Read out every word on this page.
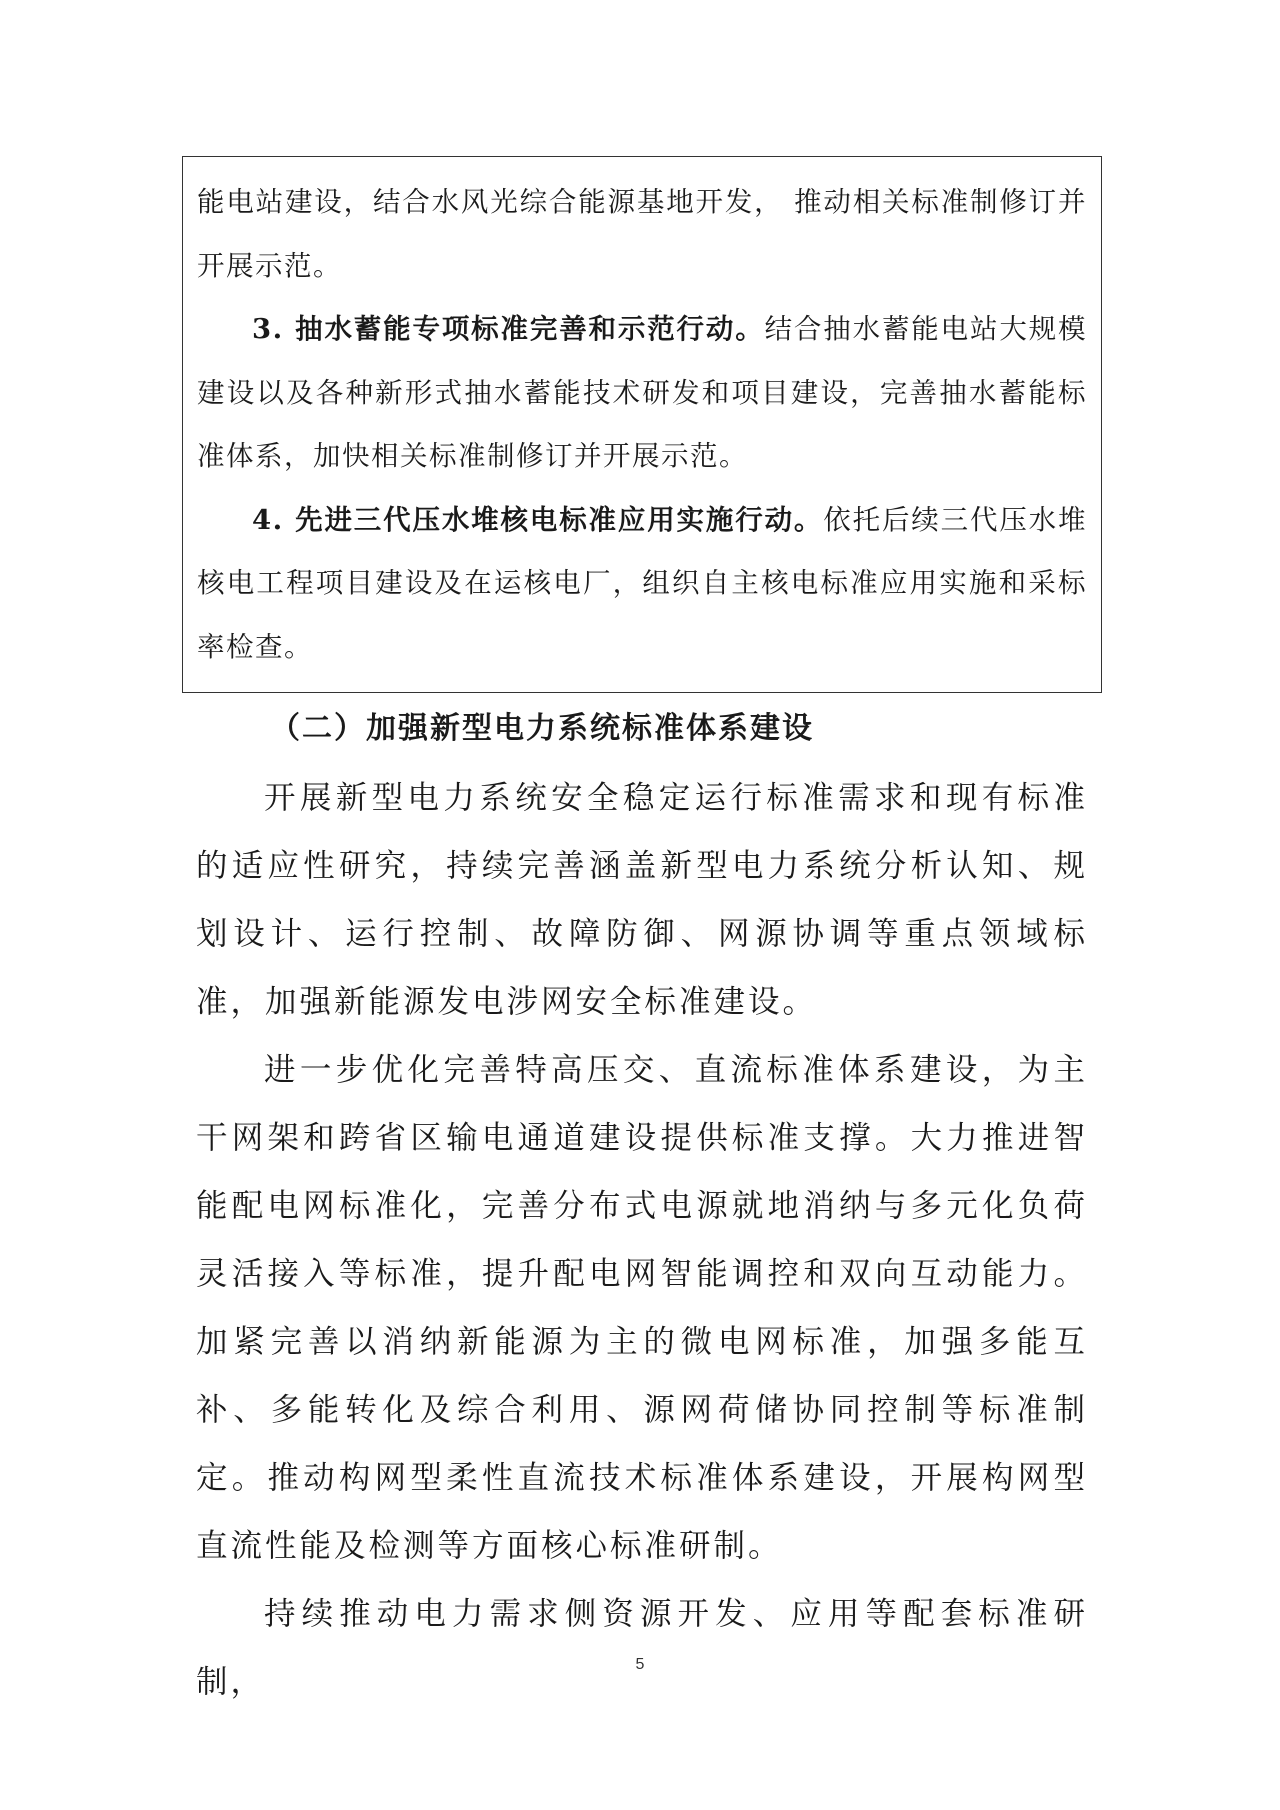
能电站建设，结合水风光综合能源基地开发， 推动相关标准制修订并开展示范。

3. 抽水蓄能专项标准完善和示范行动。结合抽水蓄能电站大规模建设以及各种新形式抽水蓄能技术研发和项目建设，完善抽水蓄能标准体系，加快相关标准制修订并开展示范。

4. 先进三代压水堆核电标准应用实施行动。依托后续三代压水堆核电工程项目建设及在运核电厂，组织自主核电标准应用实施和采标率检查。

（二）加强新型电力系统标准体系建设

开展新型电力系统安全稳定运行标准需求和现有标准的适应性研究，持续完善涵盖新型电力系统分析认知、规划设计、运行控制、故障防御、网源协调等重点领域标准，加强新能源发电涉网安全标准建设。

进一步优化完善特高压交、直流标准体系建设，为主干网架和跨省区输电通道建设提供标准支撑。大力推进智能配电网标准化，完善分布式电源就地消纳与多元化负荷灵活接入等标准，提升配电网智能调控和双向互动能力。加紧完善以消纳新能源为主的微电网标准，加强多能互补、多能转化及综合利用、源网荷储协同控制等标准制定。推动构网型柔性直流技术标准体系建设，开展构网型直流性能及检测等方面核心标准研制。

持续推动电力需求侧资源开发、应用等配套标准研制，	5
